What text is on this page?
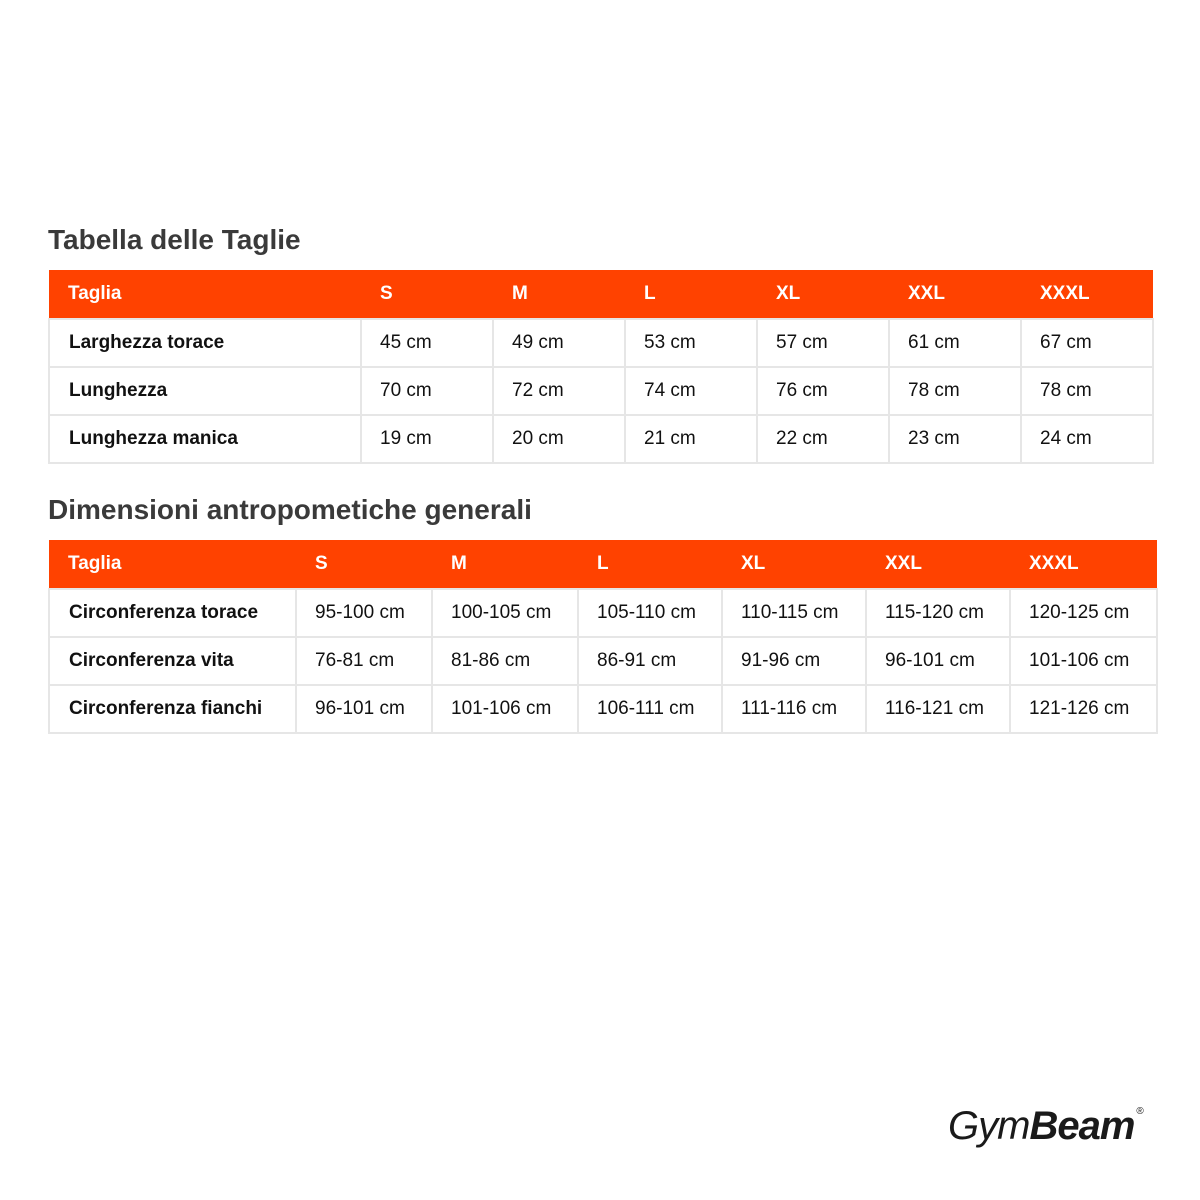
Tabella delle Taglie
Taglia	S	M	L	XL	XXL	XXXL
Larghezza torace	45 cm	49 cm	53 cm	57 cm	61 cm	67 cm
Lunghezza	70 cm	72 cm	74 cm	76 cm	78 cm	78 cm
Lunghezza manica	19 cm	20 cm	21 cm	22 cm	23 cm	24 cm
Dimensioni antropometiche generali
Taglia	S	M	L	XL	XXL	XXXL
Circonferenza torace	95-100 cm	100-105 cm	105-110 cm	110-115 cm	115-120 cm	120-125 cm
Circonferenza vita	76-81 cm	81-86 cm	86-91 cm	91-96 cm	96-101 cm	101-106 cm
Circonferenza fianchi	96-101 cm	101-106 cm	106-111 cm	111-116 cm	116-121 cm	121-126 cm
GymBeam ®
